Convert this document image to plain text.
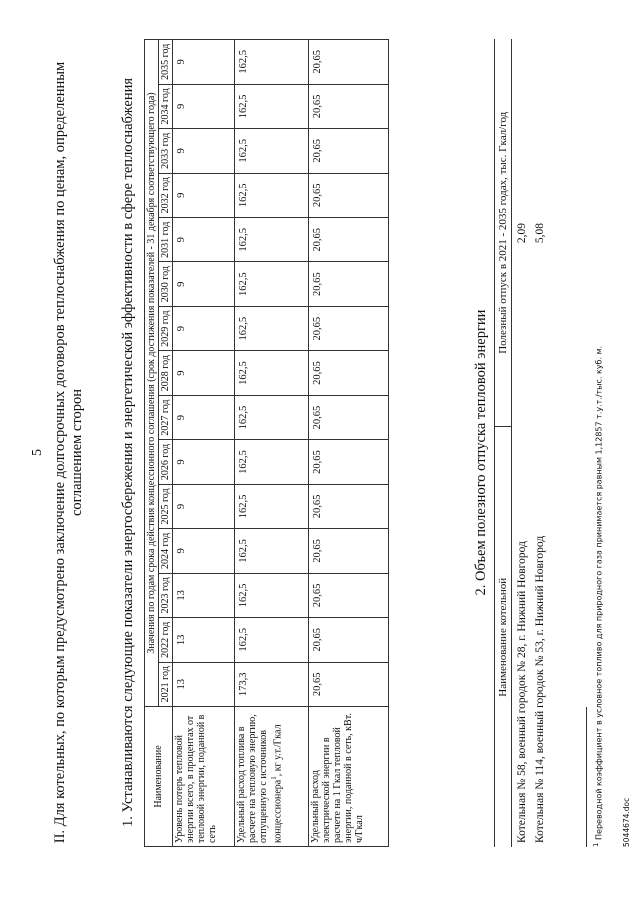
5 II. Для котельных, по которым предусмотрено заключение долгосрочных договоров теплоснабжения по ценам, определенным соглашением сторон 1. Устанавливаются следующие показатели энергосбережения и энергетической эффективности в сфере теплоснабжения Наименование	Значения по годам срока действия концессионного соглашения (срок достижения показателей - 31 декабря соответствующего года)														
	2021 год	2022 год	2023 год	2024 год	2025 год	2026 год	2027 год	2028 год	2029 год	2030 год	2031 год	2032 год	2033 год	2034 год	2035 год
Уровень потерь тепловой энергии всего, в процентах от тепловой энергии, поданной в сеть	13	13	13	9	9	9	9	9	9	9	9	9	9	9	9
Удельный расход топлива в расчете на тепловую энергию, отпущенную с источников концессионера$^1$, кг у.т./Гкал	173,3	162,5	162,5	162,5	162,5	162,5	162,5	162,5	162,5	162,5	162,5	162,5	162,5	162,5	162,5
Удельный расход электрической энергии в расчете на 1 Гкал тепловой энергии, поданной в сеть, кВт. ч/Гкал	20,65	20,65	20,65	20,65	20,65	20,65	20,65	20,65	20,65	20,65	20,65	20,65	20,65	20,65	20,65
2. Объем полезного отпуска тепловой энергии
Наименование котельной	Полезный отпуск в 2021 - 2035 годах, тыс. Гкал/год
Котельная № 58, военный городок № 28, г. Нижний Новгород	2,09
Котельная № 114, военный городок № 53, г. Нижний Новгород	5,08
$^1$ Переводной коэффициент в условное топливо для природного газа принимается равным 1,12857 т.у.т./тыс. куб. м. 5044674.doc
